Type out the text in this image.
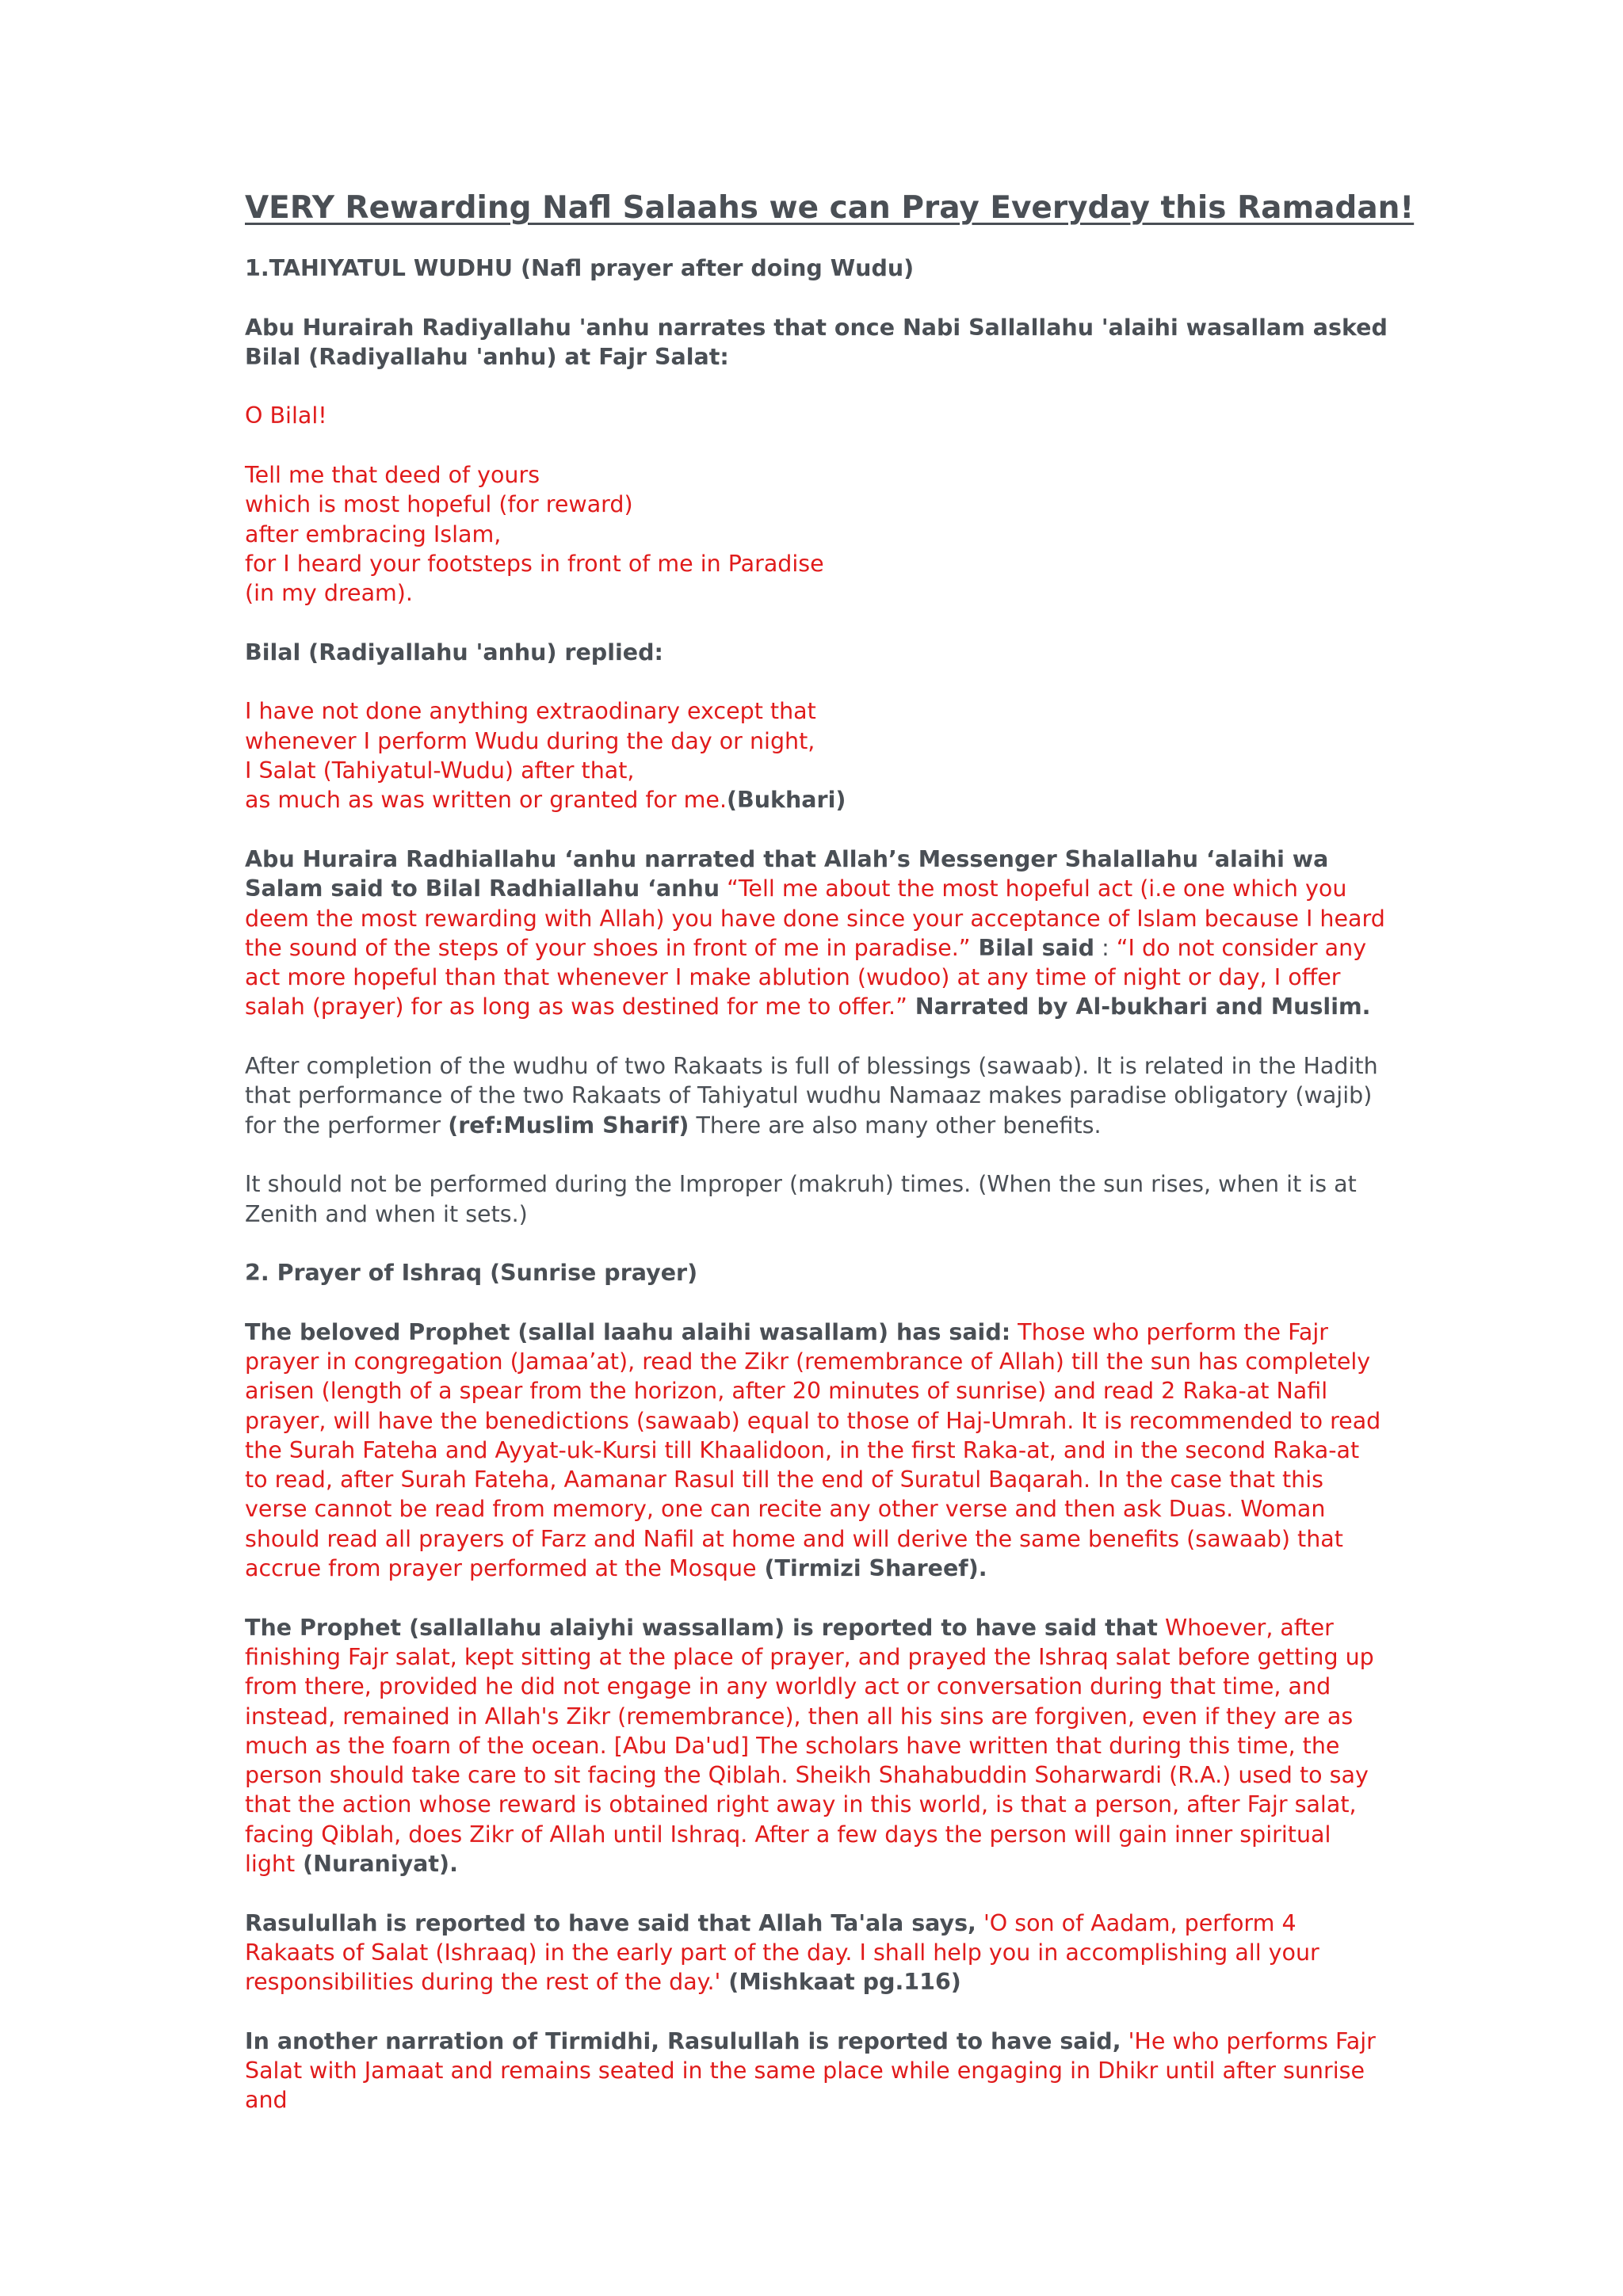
VERY Rewarding Nafl Salaahs we can Pray Everyday this Ramadan!

1.TAHIYATUL WUDHU (Nafl prayer after doing Wudu)

Abu Hurairah Radiyallahu 'anhu narrates that once Nabi Sallallahu 'alaihi wasallam asked
Bilal (Radiyallahu 'anhu) at Fajr Salat:

O Bilal!

Tell me that deed of yours
which is most hopeful (for reward)
after embracing Islam,
for I heard your footsteps in front of me in Paradise
(in my dream).

Bilal (Radiyallahu 'anhu) replied:

I have not done anything extraodinary except that
whenever I perform Wudu during the day or night,
I Salat (Tahiyatul-Wudu) after that,
as much as was written or granted for me.(Bukhari)

Abu Huraira Radhiallahu ‘anhu narrated that Allah’s Messenger Shalallahu ‘alaihi wa Salam said to Bilal Radhiallahu ‘anhu “Tell me about the most hopeful act (i.e one which you deem the most rewarding with Allah) you have done since your acceptance of Islam because I heard the sound of the steps of your shoes in front of me in paradise.” Bilal said : “I do not consider any act more hopeful than that whenever I make ablution (wudoo) at any time of night or day, I offer salah (prayer) for as long as was destined for me to offer.” Narrated by Al-bukhari and Muslim.

After completion of the wudhu of two Rakaats is full of blessings (sawaab). It is related in the Hadith that performance of the two Rakaats of Tahiyatul wudhu Namaaz makes paradise obligatory (wajib) for the performer (ref:Muslim Sharif) There are also many other benefits.

It should not be performed during the Improper (makruh) times. (When the sun rises, when it is at Zenith and when it sets.)

2. Prayer of Ishraq (Sunrise prayer)

The beloved Prophet (sallal laahu alaihi wasallam) has said: Those who perform the Fajr prayer in congregation (Jamaa’at), read the Zikr (remembrance of Allah) till the sun has completely arisen (length of a spear from the horizon, after 20 minutes of sunrise) and read 2 Raka-at Nafil prayer, will have the benedictions (sawaab) equal to those of Haj-Umrah. It is recommended to read the Surah Fateha and Ayyat-uk-Kursi till Khaalidoon, in the first Raka-at, and in the second Raka-at to read, after Surah Fateha, Aamanar Rasul till the end of Suratul Baqarah. In the case that this verse cannot be read from memory, one can recite any other verse and then ask Duas. Woman should read all prayers of Farz and Nafil at home and will derive the same benefits (sawaab) that accrue from prayer performed at the Mosque (Tirmizi Shareef).

The Prophet (sallallahu alaiyhi wassallam) is reported to have said that Whoever, after finishing Fajr salat, kept sitting at the place of prayer, and prayed the Ishraq salat before getting up from there, provided he did not engage in any worldly act or conversation during that time, and instead, remained in Allah's Zikr (remembrance), then all his sins are forgiven, even if they are as much as the foarn of the ocean. [Abu Da'ud] The scholars have written that during this time, the person should take care to sit facing the Qiblah. Sheikh Shahabuddin Soharwardi (R.A.) used to say that the action whose reward is obtained right away in this world, is that a person, after Fajr salat, facing Qiblah, does Zikr of Allah until Ishraq. After a few days the person will gain inner spiritual light (Nuraniyat).

Rasulullah is reported to have said that Allah Ta'ala says, 'O son of Aadam, perform 4 Rakaats of Salat (Ishraaq) in the early part of the day. I shall help you in accomplishing all your responsibilities during the rest of the day.' (Mishkaat pg.116)

In another narration of Tirmidhi, Rasulullah is reported to have said, 'He who performs Fajr Salat with Jamaat and remains seated in the same place while engaging in Dhikr until after sunrise and
